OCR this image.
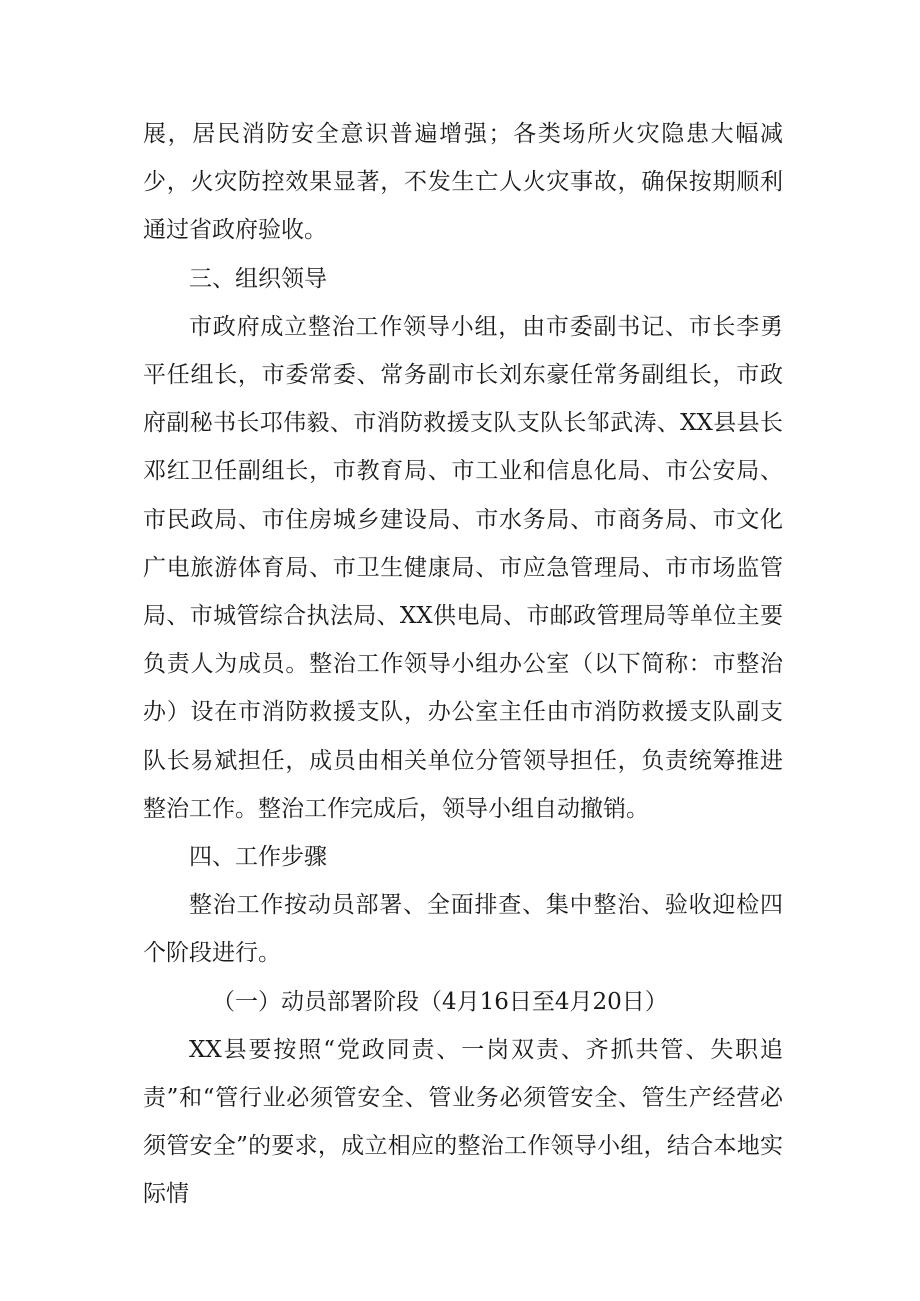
展，居民消防安全意识普遍增强；各类场所火灾隐患大幅减少，火灾防控效果显著，不发生亡人火灾事故，确保按期顺利通过省政府验收。

三、组织领导

市政府成立整治工作领导小组，由市委副书记、市长李勇平任组长，市委常委、常务副市长刘东豪任常务副组长，市政府副秘书长邛伟毅、市消防救援支队支队长邹武涛、XX县县长邓红卫任副组长，市教育局、市工业和信息化局、市公安局、市民政局、市住房城乡建设局、市水务局、市商务局、市文化广电旅游体育局、市卫生健康局、市应急管理局、市市场监管局、市城管综合执法局、XX供电局、市邮政管理局等单位主要负责人为成员。整治工作领导小组办公室（以下简称：市整治办）设在市消防救援支队，办公室主任由市消防救援支队副支队长易斌担任，成员由相关单位分管领导担任，负责统筹推进整治工作。整治工作完成后，领导小组自动撤销。

四、工作步骤

整治工作按动员部署、全面排查、集中整治、验收迎检四个阶段进行。

（一）动员部署阶段（4月16日至4月20日）

XX县要按照“党政同责、一岗双责、齐抓共管、失职追责”和“管行业必须管安全、管业务必须管安全、管生产经营必须管安全”的要求，成立相应的整治工作领导小组，结合本地实际情
